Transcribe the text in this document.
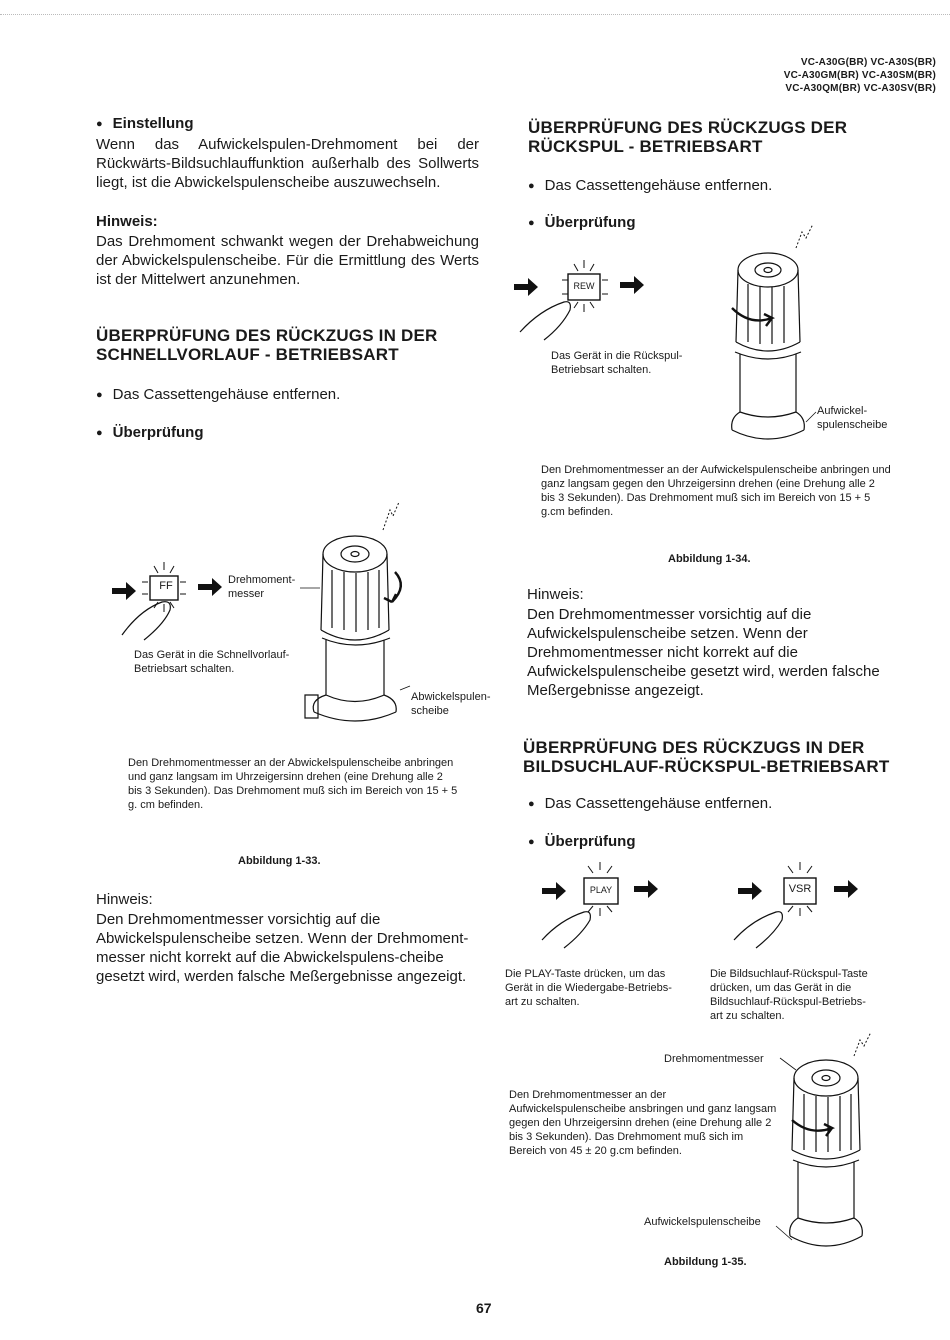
VC-A30G(BR) VC-A30S(BR)
VC-A30GM(BR) VC-A30SM(BR)
VC-A30QM(BR) VC-A30SV(BR)
● Einstellung
Wenn das Aufwickelspulen-Drehmoment bei der Rückwärts-Bildsuchlauffunktion außerhalb des Sollwerts liegt, ist die Abwickelspulenscheibe auszuwechseln.
Hinweis:
Das Drehmoment schwankt wegen der Drehabweichung der Abwickelspulenscheibe. Für die Ermittlung des Werts ist der Mittelwert anzunehmen.
ÜBERPRÜFUNG DES RÜCKZUGS IN DER
SCHNELLVORLAUF - BETRIEBSART
● Das Cassettengehäuse entfernen.
● Überprüfung
Drehmoment-
messer
Das Gerät in die Schnellvorlauf-
Betriebsart schalten.
Abwickelspulen-
scheibe
Den Drehmomentmesser an der Abwickelspulenscheibe anbringen und ganz langsam im Uhrzeigersinn drehen (eine Drehung alle 2 bis 3 Sekunden). Das Drehmoment muß sich im Bereich von 15 + 5 g. cm befinden.
Abbildung 1-33.
Hinweis:
Den Drehmomentmesser vorsichtig auf die Abwickelspulenscheibe setzen. Wenn der Drehmoment- messer nicht korrekt auf die Abwickelspulens-cheibe gesetzt wird, werden falsche Meßergebnisse angezeigt.
ÜBERPRÜFUNG DES RÜCKZUGS DER
RÜCKSPUL - BETRIEBSART
● Das Cassettengehäuse entfernen.
● Überprüfung
Das Gerät in die Rückspul-
Betriebsart schalten.
Aufwickel-
spulenscheibe
Den Drehmomentmesser an der Aufwickelspulenscheibe anbringen und ganz langsam gegen den Uhrzeigersinn drehen (eine Drehung alle 2 bis 3 Sekunden). Das Drehmoment muß sich im Bereich von 15 + 5 g.cm befinden.
Abbildung 1-34.
Hinweis:
Den Drehmomentmesser vorsichtig auf die Aufwickelspulenscheibe setzen. Wenn der Drehmomentmesser nicht korrekt auf die Aufwickelspulenscheibe gesetzt wird, werden falsche Meßergebnisse angezeigt.
ÜBERPRÜFUNG DES RÜCKZUGS IN DER
BILDSUCHLAUF-RÜCKSPUL-BETRIEBSART
● Das Cassettengehäuse entfernen.
● Überprüfung
Die PLAY-Taste drücken, um das
Gerät in die Wiedergabe-Betriebs-
art zu schalten.
Die Bildsuchlauf-Rückspul-Taste
drücken, um das Gerät in die
Bildsuchlauf-Rückspul-Betriebs-
art zu schalten.
Drehmomentmesser
Den Drehmomentmesser an der Aufwickelspulenscheibe ansbringen und ganz langsam gegen den Uhrzeigersinn drehen (eine Drehung alle 2 bis 3 Sekunden). Das Drehmoment muß sich im Bereich von 45 ± 20 g.cm befinden.
Aufwickelspulenscheibe
Abbildung 1-35.
67
FF
REW
PLAY	VSR
